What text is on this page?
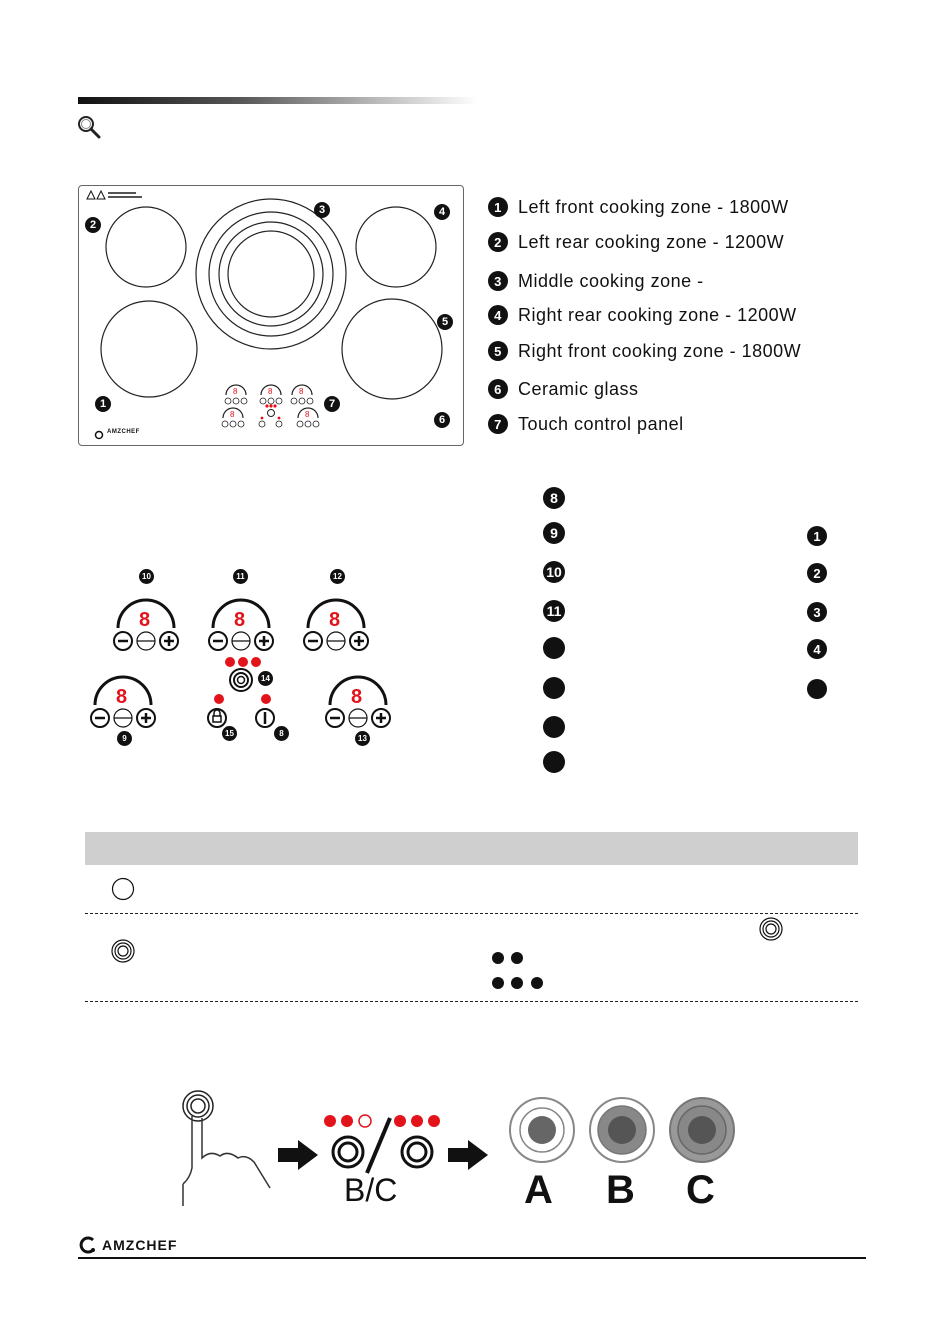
8	8	8
8	8
AMZCHEF
2
3	4
5
1	7
6
1 Left front cooking zone - 1800W
2 Left rear cooking zone - 1200W
3 Middle cooking zone -
4 Right rear cooking zone - 1200W
5 Right front cooking zone - 1800W
6 Ceramic glass
7 Touch control panel
8
10	11	12
14
9
15	8
13
8
9
10
11
1
2
3
4
B/C	A B C
AMZCHEF
